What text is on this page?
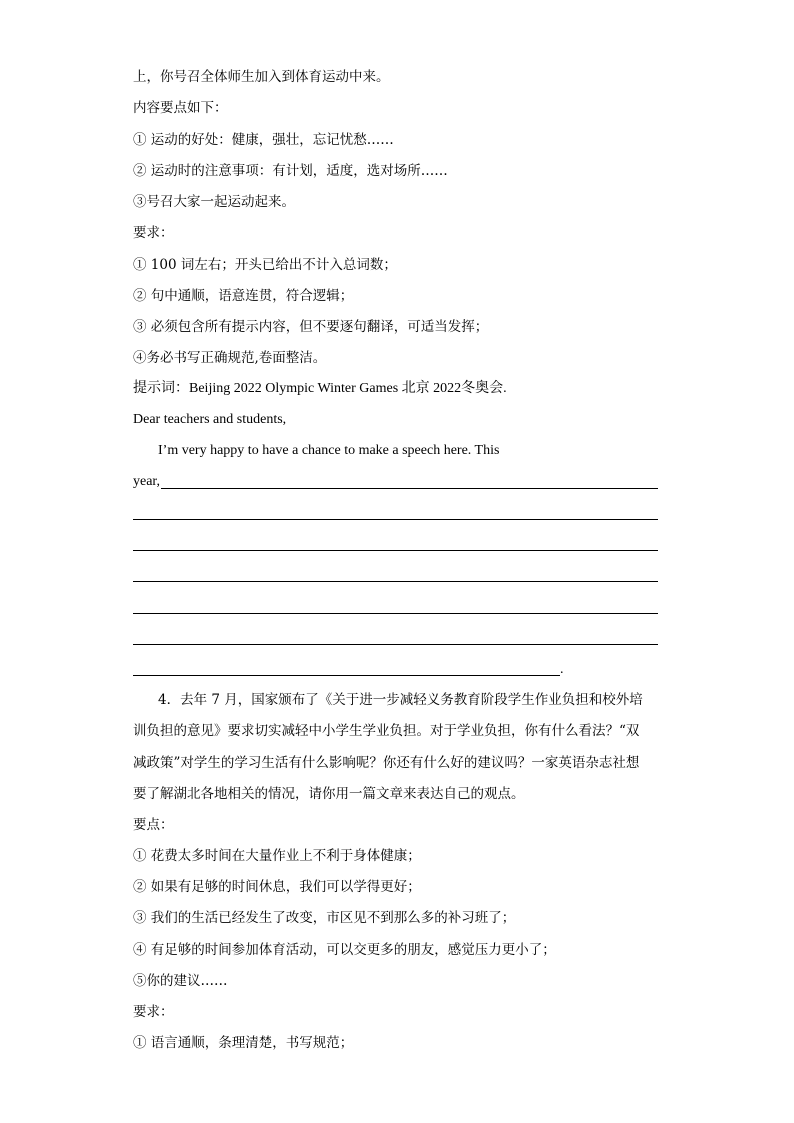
上，你号召全体师生加入到体育运动中来。
内容要点如下：
① 运动的好处：健康，强壮，忘记忧愁……
② 运动时的注意事项：有计划，适度，选对场所……
③号召大家一起运动起来。
要求：
① 100 词左右；开头已给出不计入总词数；
② 句中通顺，语意连贯，符合逻辑；
③ 必须包含所有提示内容，但不要逐句翻译，可适当发挥；
④务必书写正确规范,卷面整洁。
提示词：Beijing 2022 Olympic Winter Games 北京 2022冬奥会.
Dear teachers and students,
I’m very happy to have a chance to make a speech here. This
year,
.
4．去年 7 月，国家颁布了《关于进一步减轻义务教育阶段学生作业负担和校外培
训负担的意见》要求切实减轻中小学生学业负担。对于学业负担，你有什么看法？“双
减政策”对学生的学习生活有什么影响呢？你还有什么好的建议吗？一家英语杂志社想
要了解湖北各地相关的情况，请你用一篇文章来表达自己的观点。
要点：
① 花费太多时间在大量作业上不利于身体健康；
② 如果有足够的时间休息，我们可以学得更好；
③ 我们的生活已经发生了改变，市区见不到那么多的补习班了；
④ 有足够的时间参加体育活动，可以交更多的朋友，感觉压力更小了；
⑤你的建议……
要求：
① 语言通顺，条理清楚，书写规范；
